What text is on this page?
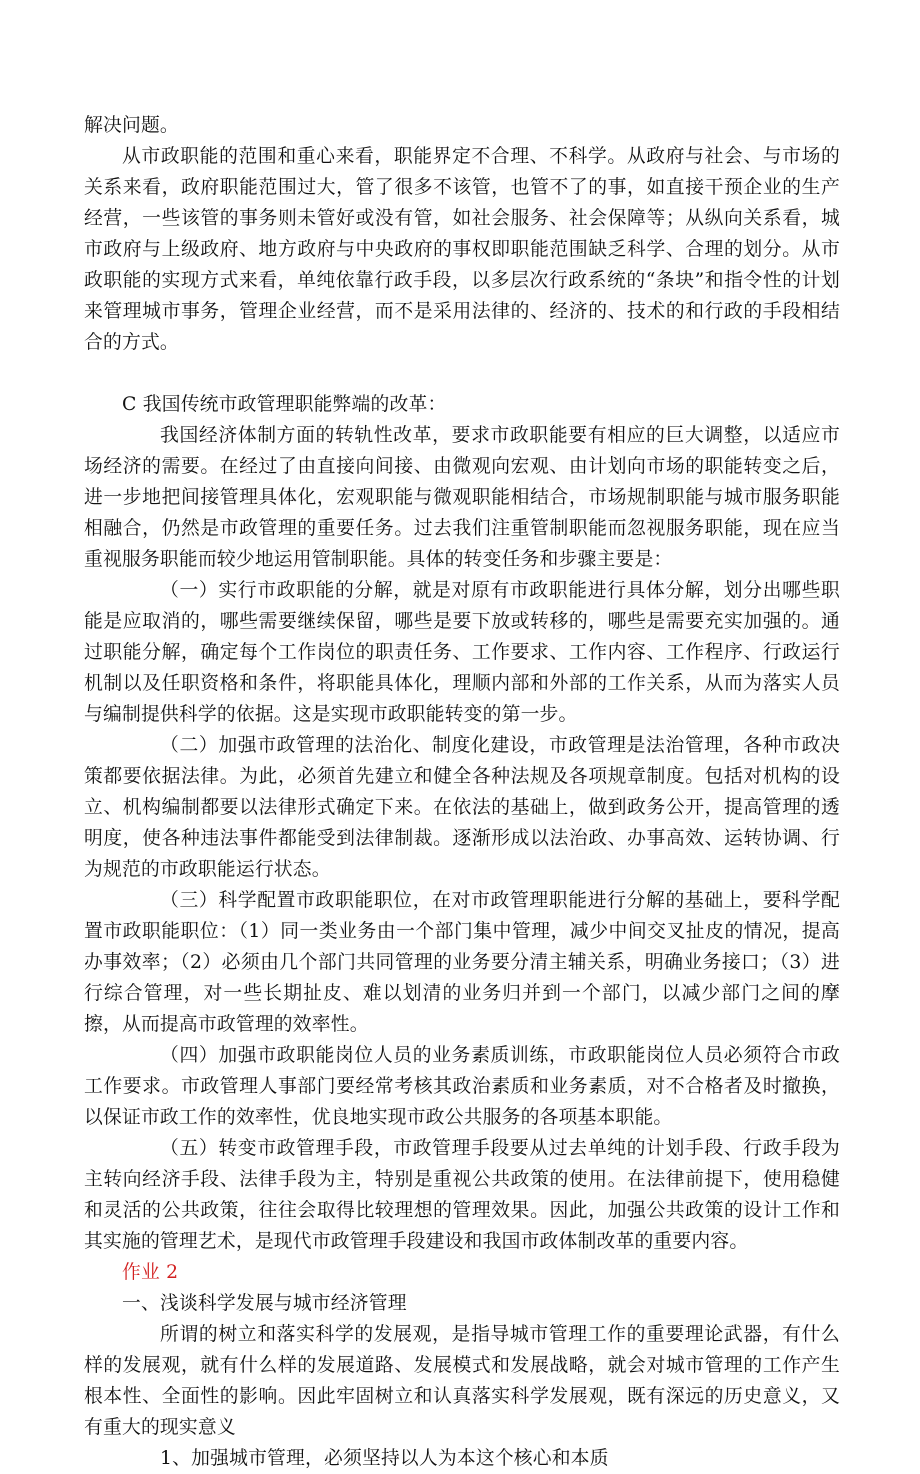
解决问题。

从市政职能的范围和重心来看，职能界定不合理、不科学。从政府与社会、与市场的关系来看，政府职能范围过大，管了很多不该管，也管不了的事，如直接干预企业的生产经营，一些该管的事务则未管好或没有管，如社会服务、社会保障等；从纵向关系看，城市政府与上级政府、地方政府与中央政府的事权即职能范围缺乏科学、合理的划分。从市政职能的实现方式来看，单纯依靠行政手段，以多层次行政系统的“条块”和指令性的计划来管理城市事务，管理企业经营，而不是采用法律的、经济的、技术的和行政的手段相结合的方式。

C 我国传统市政管理职能弊端的改革：

我国经济体制方面的转轨性改革，要求市政职能要有相应的巨大调整，以适应市场经济的需要。在经过了由直接向间接、由微观向宏观、由计划向市场的职能转变之后，进一步地把间接管理具体化，宏观职能与微观职能相结合，市场规制职能与城市服务职能相融合，仍然是市政管理的重要任务。过去我们注重管制职能而忽视服务职能，现在应当重视服务职能而较少地运用管制职能。具体的转变任务和步骤主要是：

（一）实行市政职能的分解，就是对原有市政职能进行具体分解，划分出哪些职能是应取消的，哪些需要继续保留，哪些是要下放或转移的，哪些是需要充实加强的。通过职能分解，确定每个工作岗位的职责任务、工作要求、工作内容、工作程序、行政运行机制以及任职资格和条件，将职能具体化，理顺内部和外部的工作关系，从而为落实人员与编制提供科学的依据。这是实现市政职能转变的第一步。

（二）加强市政管理的法治化、制度化建设，市政管理是法治管理，各种市政决策都要依据法律。为此，必须首先建立和健全各种法规及各项规章制度。包括对机构的设立、机构编制都要以法律形式确定下来。在依法的基础上，做到政务公开，提高管理的透明度，使各种违法事件都能受到法律制裁。逐渐形成以法治政、办事高效、运转协调、行为规范的市政职能运行状态。

（三）科学配置市政职能职位，在对市政管理职能进行分解的基础上，要科学配置市政职能职位：（1）同一类业务由一个部门集中管理，减少中间交叉扯皮的情况，提高办事效率；（2）必须由几个部门共同管理的业务要分清主辅关系，明确业务接口；（3）进行综合管理，对一些长期扯皮、难以划清的业务归并到一个部门，以减少部门之间的摩擦，从而提高市政管理的效率性。

（四）加强市政职能岗位人员的业务素质训练，市政职能岗位人员必须符合市政工作要求。市政管理人事部门要经常考核其政治素质和业务素质，对不合格者及时撤换，以保证市政工作的效率性，优良地实现市政公共服务的各项基本职能。

（五）转变市政管理手段，市政管理手段要从过去单纯的计划手段、行政手段为主转向经济手段、法律手段为主，特别是重视公共政策的使用。在法律前提下，使用稳健和灵活的公共政策，往往会取得比较理想的管理效果。因此，加强公共政策的设计工作和其实施的管理艺术，是现代市政管理手段建设和我国市政体制改革的重要内容。

作业 2

一、浅谈科学发展与城市经济管理

所谓的树立和落实科学的发展观，是指导城市管理工作的重要理论武器，有什么样的发展观，就有什么样的发展道路、发展模式和发展战略，就会对城市管理的工作产生根本性、全面性的影响。因此牢固树立和认真落实科学发展观，既有深远的历史意义，又有重大的现实意义

1、加强城市管理，必须坚持以人为本这个核心和本质
